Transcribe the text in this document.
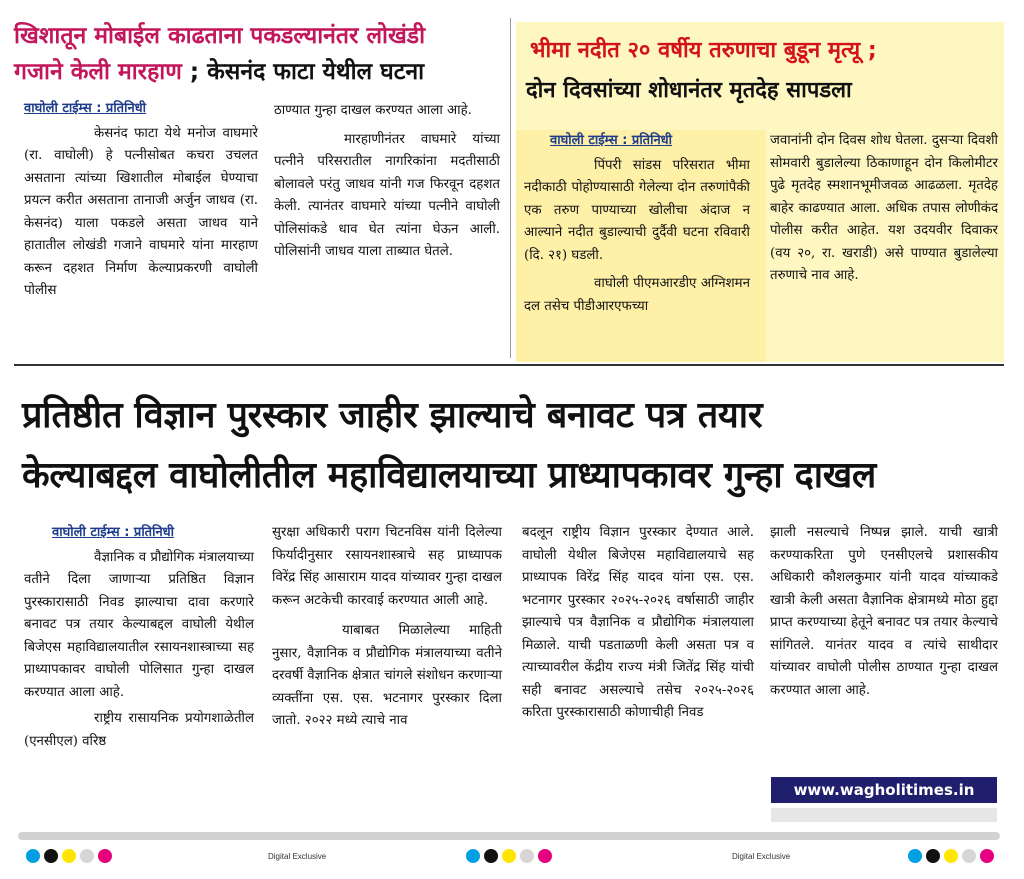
खिशातून मोबाईल काढताना पकडल्यानंतर लोखंडी
गजाने केली मारहाण ; केसनंद फाटा येथील घटना
वाघोली टाईम्स : प्रतिनिधी
केसनंद फाटा येथे मनोज वाघमारे (रा. वाघोली) हे पत्नीसोबत कचरा उचलत असताना त्यांच्या खिशातील मोबाईल घेण्याचा प्रयत्न करीत असताना तानाजी अर्जुन जाधव (रा. केसनंद) याला पकडले असता जाधव याने हातातील लोखंडी गजाने वाघमारे यांना मारहाण करून दहशत निर्माण केल्याप्रकरणी वाघोली पोलीस
ठाण्यात गुन्हा दाखल करण्यत आला आहे.
मारहाणीनंतर वाघमारे यांच्या पत्नीने परिसरातील नागरिकांना मदतीसाठी बोलावले परंतु जाधव यांनी गज फिरवून दहशत केली. त्यानंतर वाघमारे यांच्या पत्नीने वाघोली पोलिसांकडे धाव घेत त्यांना घेऊन आली. पोलिसांनी जाधव याला ताब्यात घेतले.
भीमा नदीत २० वर्षीय तरुणाचा बुडून मृत्यू ;
दोन दिवसांच्या शोधानंतर मृतदेह सापडला
वाघोली टाईम्स : प्रतिनिधी
पिंपरी सांडस परिसरात भीमा नदीकाठी पोहोण्यासाठी गेलेल्या दोन तरुणांपैकी एक तरुण पाण्याच्या खोलीचा अंदाज न आल्याने नदीत बुडाल्याची दुर्दैवी घटना रविवारी (दि. २१) घडली.
वाघोली पीएमआरडीए अग्निशमन दल तसेच पीडीआरएफच्या
जवानांनी दोन दिवस शोध घेतला. दुसऱ्या दिवशी सोमवारी बुडालेल्या ठिकाणाहून दोन किलोमीटर पुढे मृतदेह स्मशानभूमीजवळ आढळला. मृतदेह बाहेर काढण्यात आला. अधिक तपास लोणीकंद पोलीस करीत आहेत. यश उदयवीर दिवाकर (वय २०, रा. खराडी) असे पाण्यात बुडालेल्या तरुणाचे नाव आहे.
प्रतिष्ठीत विज्ञान पुरस्कार जाहीर झाल्याचे बनावट पत्र तयार
केल्याबद्दल वाघोलीतील महाविद्यालयाच्या प्राध्यापकावर गुन्हा दाखल
वाघोली टाईम्स : प्रतिनिधी
वैज्ञानिक व प्रौद्योगिक मंत्रालयाच्या वतीने दिला जाणाऱ्या प्रतिष्ठित विज्ञान पुरस्कारासाठी निवड झाल्याचा दावा करणारे बनावट पत्र तयार केल्याबद्दल वाघोली येथील बिजेएस महाविद्यालयातील रसायनशास्त्राच्या सह प्राध्यापकावर वाघोली पोलिसात गुन्हा दाखल करण्यात आला आहे.
राष्ट्रीय रासायनिक प्रयोगशाळेतील (एनसीएल) वरिष्ठ
सुरक्षा अधिकारी पराग चिटनविस यांनी दिलेल्या फिर्यादीनुसार रसायनशास्त्राचे सह प्राध्यापक विरेंद्र सिंह आसाराम यादव यांच्यावर गुन्हा दाखल करून अटकेची कारवाई करण्यात आली आहे.
याबाबत मिळालेल्या माहिती नुसार, वैज्ञानिक व प्रौद्योगिक मंत्रालयाच्या वतीने दरवर्षी वैज्ञानिक क्षेत्रात चांगले संशोधन करणाऱ्या व्यक्तींना एस. एस. भटनागर पुरस्कार दिला जातो. २०२२ मध्ये त्याचे नाव
बदलून राष्ट्रीय विज्ञान पुरस्कार देण्यात आले. वाघोली येथील बिजेएस महाविद्यालयाचे सह प्राध्यापक विरेंद्र सिंह यादव यांना एस. एस. भटनागर पुरस्कार २०२५-२०२६ वर्षासाठी जाहीर झाल्याचे पत्र वैज्ञानिक व प्रौद्योगिक मंत्रालयाला मिळाले. याची पडताळणी केली असता पत्र व त्याच्यावरील केंद्रीय राज्य मंत्री जितेंद्र सिंह यांची सही बनावट असल्याचे तसेच २०२५-२०२६ करिता पुरस्कारासाठी कोणाचीही निवड
झाली नसल्याचे निष्पन्न झाले. याची खात्री करण्याकरिता पुणे एनसीएलचे प्रशासकीय अधिकारी कौशलकुमार यांनी यादव यांच्याकडे खात्री केली असता वैज्ञानिक क्षेत्रामध्ये मोठा हुद्दा प्राप्त करण्याच्या हेतूने बनावट पत्र तयार केल्याचे सांगितले. यानंतर यादव व त्यांचे साथीदार यांच्यावर वाघोली पोलीस ठाण्यात गुन्हा दाखल करण्यात आला आहे.
www.wagholitimes.in
Digital Exclusive	Digital Exclusive
